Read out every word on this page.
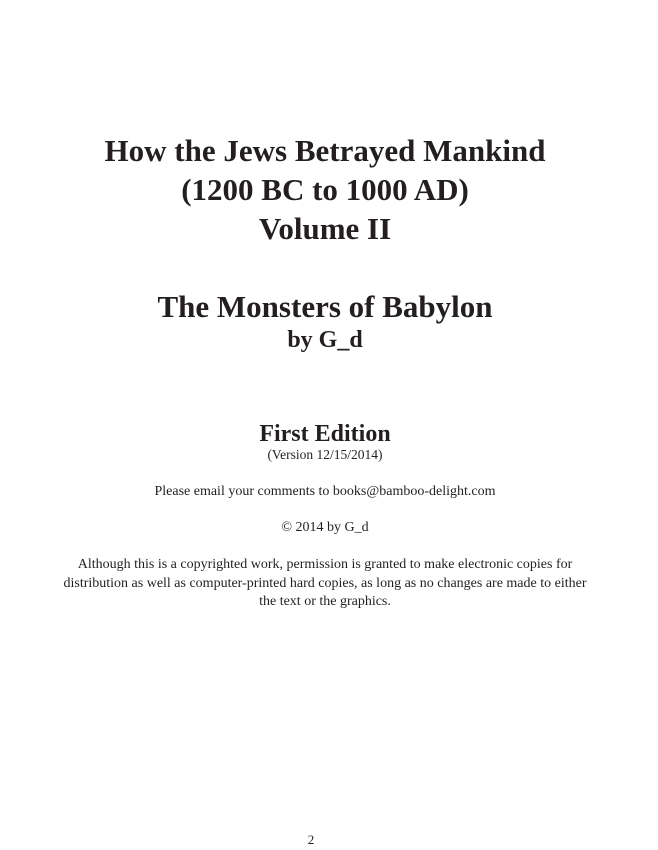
How the Jews Betrayed Mankind
(1200 BC to 1000 AD)
Volume II
The Monsters of Babylon
by G_d
First Edition
(Version 12/15/2014)
Please email your comments to books@bamboo-delight.com
© 2014 by G_d
Although this is a copyrighted work, permission is granted to make electronic copies for
distribution as well as computer-printed hard copies, as long as no changes are made to either
the text or the graphics.
2
